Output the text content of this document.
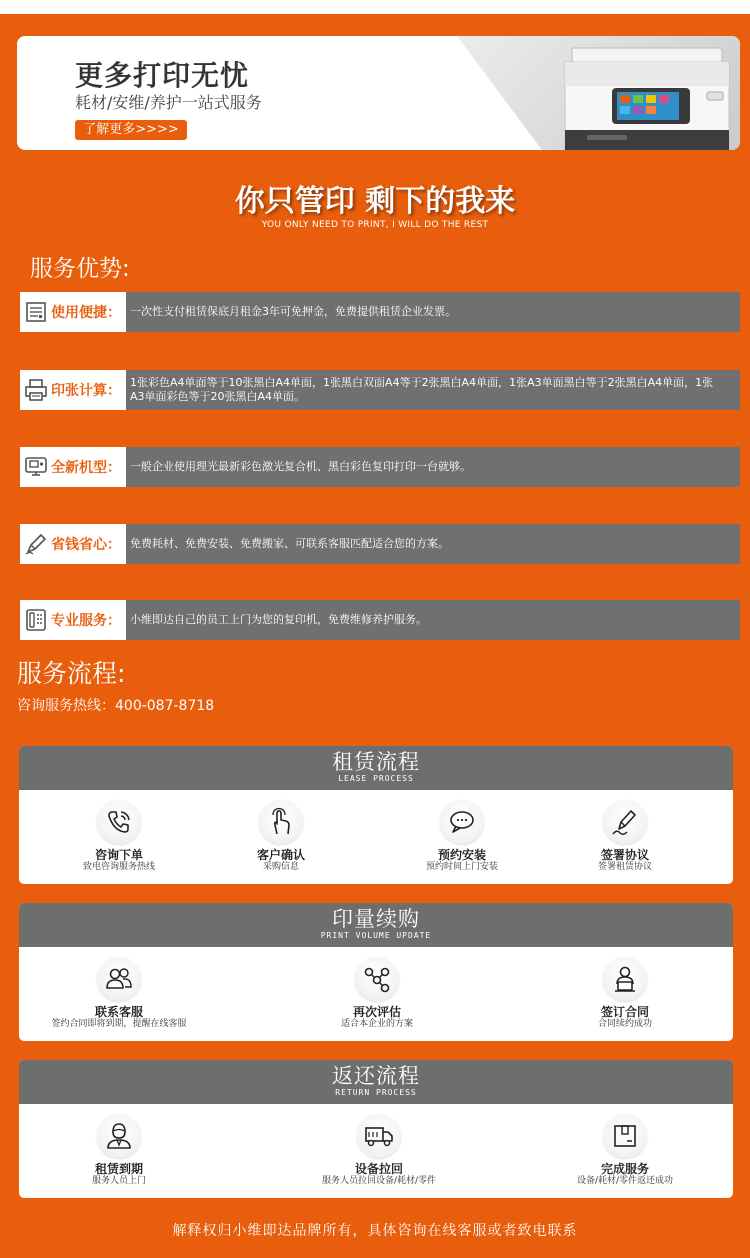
更多打印无忧
耗材/安维/养护一站式服务
了解更多>>>>
你只管印 剩下的我来
YOU ONLY NEED TO PRINT, I WILL DO THE REST
服务优势:
使用便捷： 一次性支付租赁保底月租金3年可免押金，免费提供租赁企业发票。
印张计算：
1张彩色A4单面等于10张黑白A4单面，1张黑白双面A4等于2张黑白A4单面，1张A3单面黑白等于2张黑白A4单面，1张A3单面彩色等于20张黑白A4单面。
全新机型： 一般企业使用理光最新彩色激光复合机、黑白彩色复印打印一台就够。
省钱省心： 免费耗材、免费安装、免费搬家、可联系客服匹配适合您的方案。
专业服务： 小维即达自己的员工上门为您的复印机，免费维修养护服务。
服务流程:
咨询服务热线：400-087-8718
租赁流程
LEASE PROCESS
咨询下单
致电咨询服务热线
客户确认
采购信息
预约安装
预约时间上门安装
签署协议
签署租赁协议
印量续购
PRINT VOLUME UPDATE
联系客服
签约合同即将到期，提醒在线客服
再次评估
适合本企业的方案
签订合同
合同续约成功
返还流程
RETURN PROCESS
租赁到期
服务人员上门
设备拉回
服务人员拉回设备/耗材/零件
完成服务
设备/耗材/零件返还成功
解释权归小维即达品牌所有，具体咨询在线客服或者致电联系
